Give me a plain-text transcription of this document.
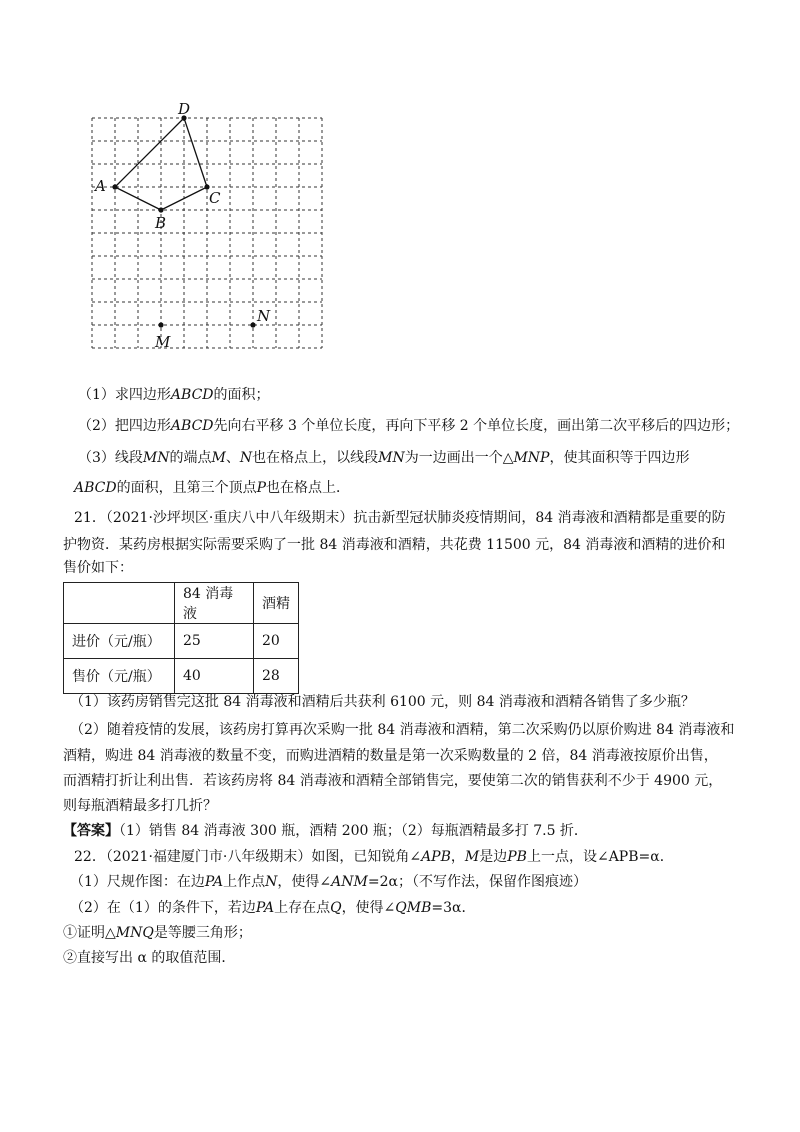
D
A
C
B
N
M
（1）求四边形ABCD的面积；
（2）把四边形ABCD先向右平移 3 个单位长度，再向下平移 2 个单位长度，画出第二次平移后的四边形；
（3）线段MN的端点M、N也在格点上，以线段MN为一边画出一个△MNP，使其面积等于四边形
ABCD的面积，且第三个顶点P也在格点上．
21．（2021·沙坪坝区·重庆八中八年级期末）抗击新型冠状肺炎疫情期间，84 消毒液和酒精都是重要的防
护物资．某药房根据实际需要采购了一批 84 消毒液和酒精，共花费 11500 元，84 消毒液和酒精的进价和
售价如下：
	84 消毒液	酒精
进价（元/瓶）	25	20
售价（元/瓶）	40	28
（1）该药房销售完这批 84 消毒液和酒精后共获利 6100 元，则 84 消毒液和酒精各销售了多少瓶？
（2）随着疫情的发展，该药房打算再次采购一批 84 消毒液和酒精，第二次采购仍以原价购进 84 消毒液和
酒精，购进 84 消毒液的数量不变，而购进酒精的数量是第一次采购数量的 2 倍，84 消毒液按原价出售，
而酒精打折让利出售．若该药房将 84 消毒液和酒精全部销售完，要使第二次的销售获利不少于 4900 元，
则每瓶酒精最多打几折？
【答案】（1）销售 84 消毒液 300 瓶，酒精 200 瓶；（2）每瓶酒精最多打 7.5 折．
22．（2021·福建厦门市·八年级期末）如图，已知锐角∠APB，M是边PB上一点，设∠APB=α．
（1）尺规作图：在边PA上作点N，使得∠ANM=2α；（不写作法，保留作图痕迹）
（2）在（1）的条件下，若边PA上存在点Q，使得∠QMB=3α．
①证明△MNQ是等腰三角形；
②直接写出 α 的取值范围．
